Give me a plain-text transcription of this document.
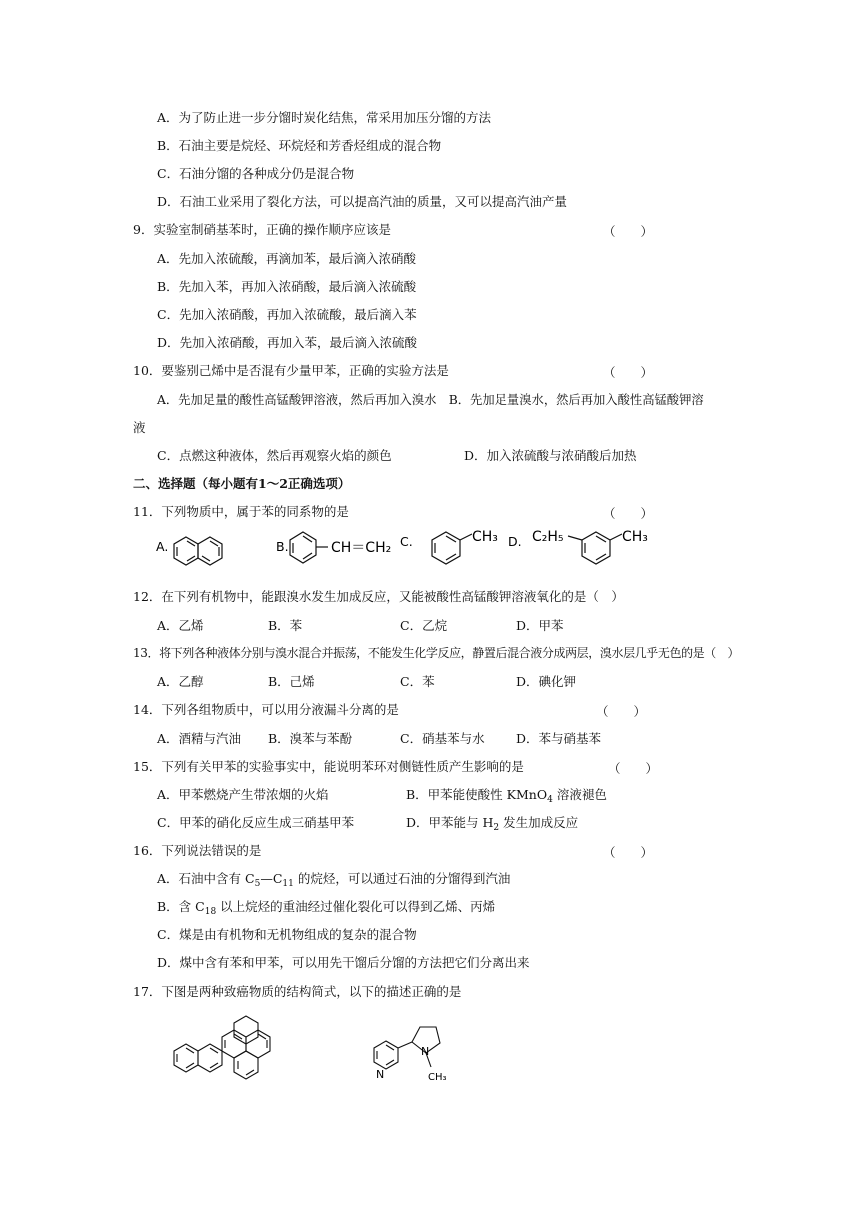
A．为了防止进一步分馏时炭化结焦，常采用加压分馏的方法
B．石油主要是烷烃、环烷烃和芳香烃组成的混合物
C．石油分馏的各种成分仍是混合物
D．石油工业采用了裂化方法，可以提高汽油的质量，又可以提高汽油产量
9．实验室制硝基苯时，正确的操作顺序应该是	（　　）
A．先加入浓硫酸，再滴加苯，最后滴入浓硝酸
B．先加入苯，再加入浓硝酸，最后滴入浓硫酸
C．先加入浓硝酸，再加入浓硫酸，最后滴入苯
D．先加入浓硝酸，再加入苯，最后滴入浓硫酸
10．要鉴别己烯中是否混有少量甲苯，正确的实验方法是	（　　）
A．先加足量的酸性高锰酸钾溶液，然后再加入溴水　B．先加足量溴水，然后再加入酸性高锰酸钾溶
液
C．点燃这种液体，然后再观察火焰的颜色	D．加入浓硫酸与浓硝酸后加热
二、选择题（每小题有1～2正确选项）
11．下列物质中，属于苯的同系物的是	（　　）
A.	B.	CH＝CH₂ C.	CH₃ D. C₂H₅	CH₃
12．在下列有机物中，能跟溴水发生加成反应，又能被酸性高锰酸钾溶液氧化的是（　）
A．乙烯	B．苯	C．乙烷	D．甲苯
13．将下列各种液体分别与溴水混合并振荡，不能发生化学反应，静置后混合液分成两层，溴水层几乎无色的是（　）
A．乙醇	B．己烯	C．苯	D．碘化钾
14．下列各组物质中，可以用分液漏斗分离的是	（　　）
A．酒精与汽油 B．溴苯与苯酚	C．硝基苯与水	D．苯与硝基苯
15．下列有关甲苯的实验事实中，能说明苯环对侧链性质产生影响的是	（　　）
A．甲苯燃烧产生带浓烟的火焰	B．甲苯能使酸性 KMnO$_4$ 溶液褪色
C．甲苯的硝化反应生成三硝基甲苯	D．甲苯能与 $H_2$ 发生加成反应
16．下列说法错误的是	（　　）
A．石油中含有 $C_5—C_{11}$ 的烷烃，可以通过石油的分馏得到汽油
B．含 $C_{18}$ 以上烷烃的重油经过催化裂化可以得到乙烯、丙烯
C．煤是由有机物和无机物组成的复杂的混合物
D．煤中含有苯和甲苯，可以用先干馏后分馏的方法把它们分离出来
17．下图是两种致癌物质的结构简式，以下的描述正确的是
N
N
CH₃
